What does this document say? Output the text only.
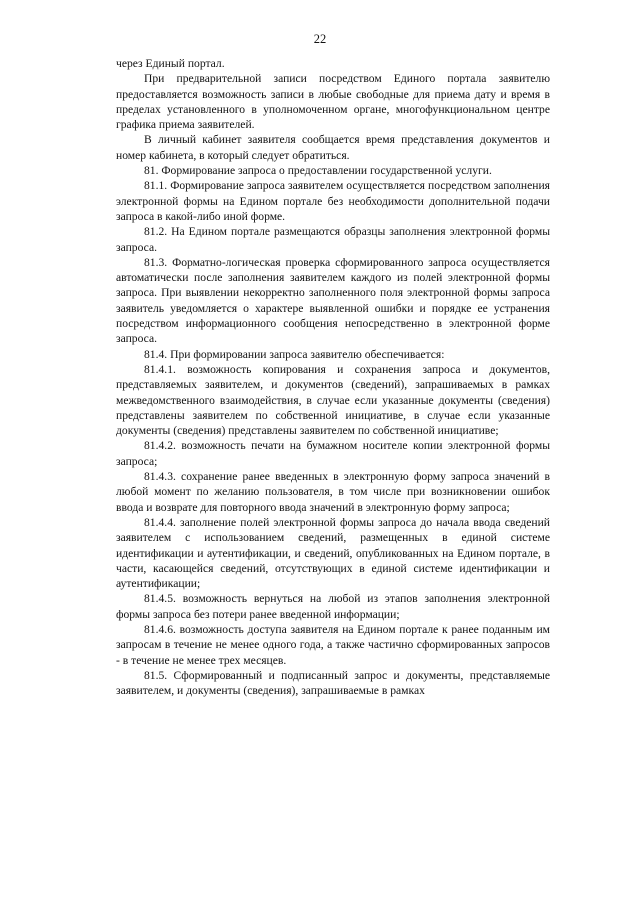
22

через Единый портал.

При предварительной записи посредством Единого портала заявителю предоставляется возможность записи в любые свободные для приема дату и время в пределах установленного в уполномоченном органе, многофункциональном центре графика приема заявителей.

В личный кабинет заявителя сообщается время представления документов и номер кабинета, в который следует обратиться.

81. Формирование запроса о предоставлении государственной услуги.

81.1. Формирование запроса заявителем осуществляется посредством заполнения электронной формы на Едином портале без необходимости дополнительной подачи запроса в какой-либо иной форме.

81.2. На Едином портале размещаются образцы заполнения электронной формы запроса.

81.3. Форматно-логическая проверка сформированного запроса осуществляется автоматически после заполнения заявителем каждого из полей электронной формы запроса. При выявлении некорректно заполненного поля электронной формы запроса заявитель уведомляется о характере выявленной ошибки и порядке ее устранения посредством информационного сообщения непосредственно в электронной форме запроса.

81.4. При формировании запроса заявителю обеспечивается:

81.4.1. возможность копирования и сохранения запроса и документов, представляемых заявителем, и документов (сведений), запрашиваемых в рамках межведомственного взаимодействия, в случае если указанные документы (сведения) представлены заявителем по собственной инициативе, в случае если указанные документы (сведения) представлены заявителем по собственной инициативе;

81.4.2. возможность печати на бумажном носителе копии электронной формы запроса;

81.4.3. сохранение ранее введенных в электронную форму запроса значений в любой момент по желанию пользователя, в том числе при возникновении ошибок ввода и возврате для повторного ввода значений в электронную форму запроса;

81.4.4. заполнение полей электронной формы запроса до начала ввода сведений заявителем с использованием сведений, размещенных в единой системе идентификации и аутентификации, и сведений, опубликованных на Едином портале, в части, касающейся сведений, отсутствующих в единой системе идентификации и аутентификации;

81.4.5. возможность вернуться на любой из этапов заполнения электронной формы запроса без потери ранее введенной информации;

81.4.6. возможность доступа заявителя на Едином портале к ранее поданным им запросам в течение не менее одного года, а также частично сформированных запросов - в течение не менее трех месяцев.

81.5. Сформированный и подписанный запрос и документы, представляемые заявителем, и документы (сведения), запрашиваемые в рамках
